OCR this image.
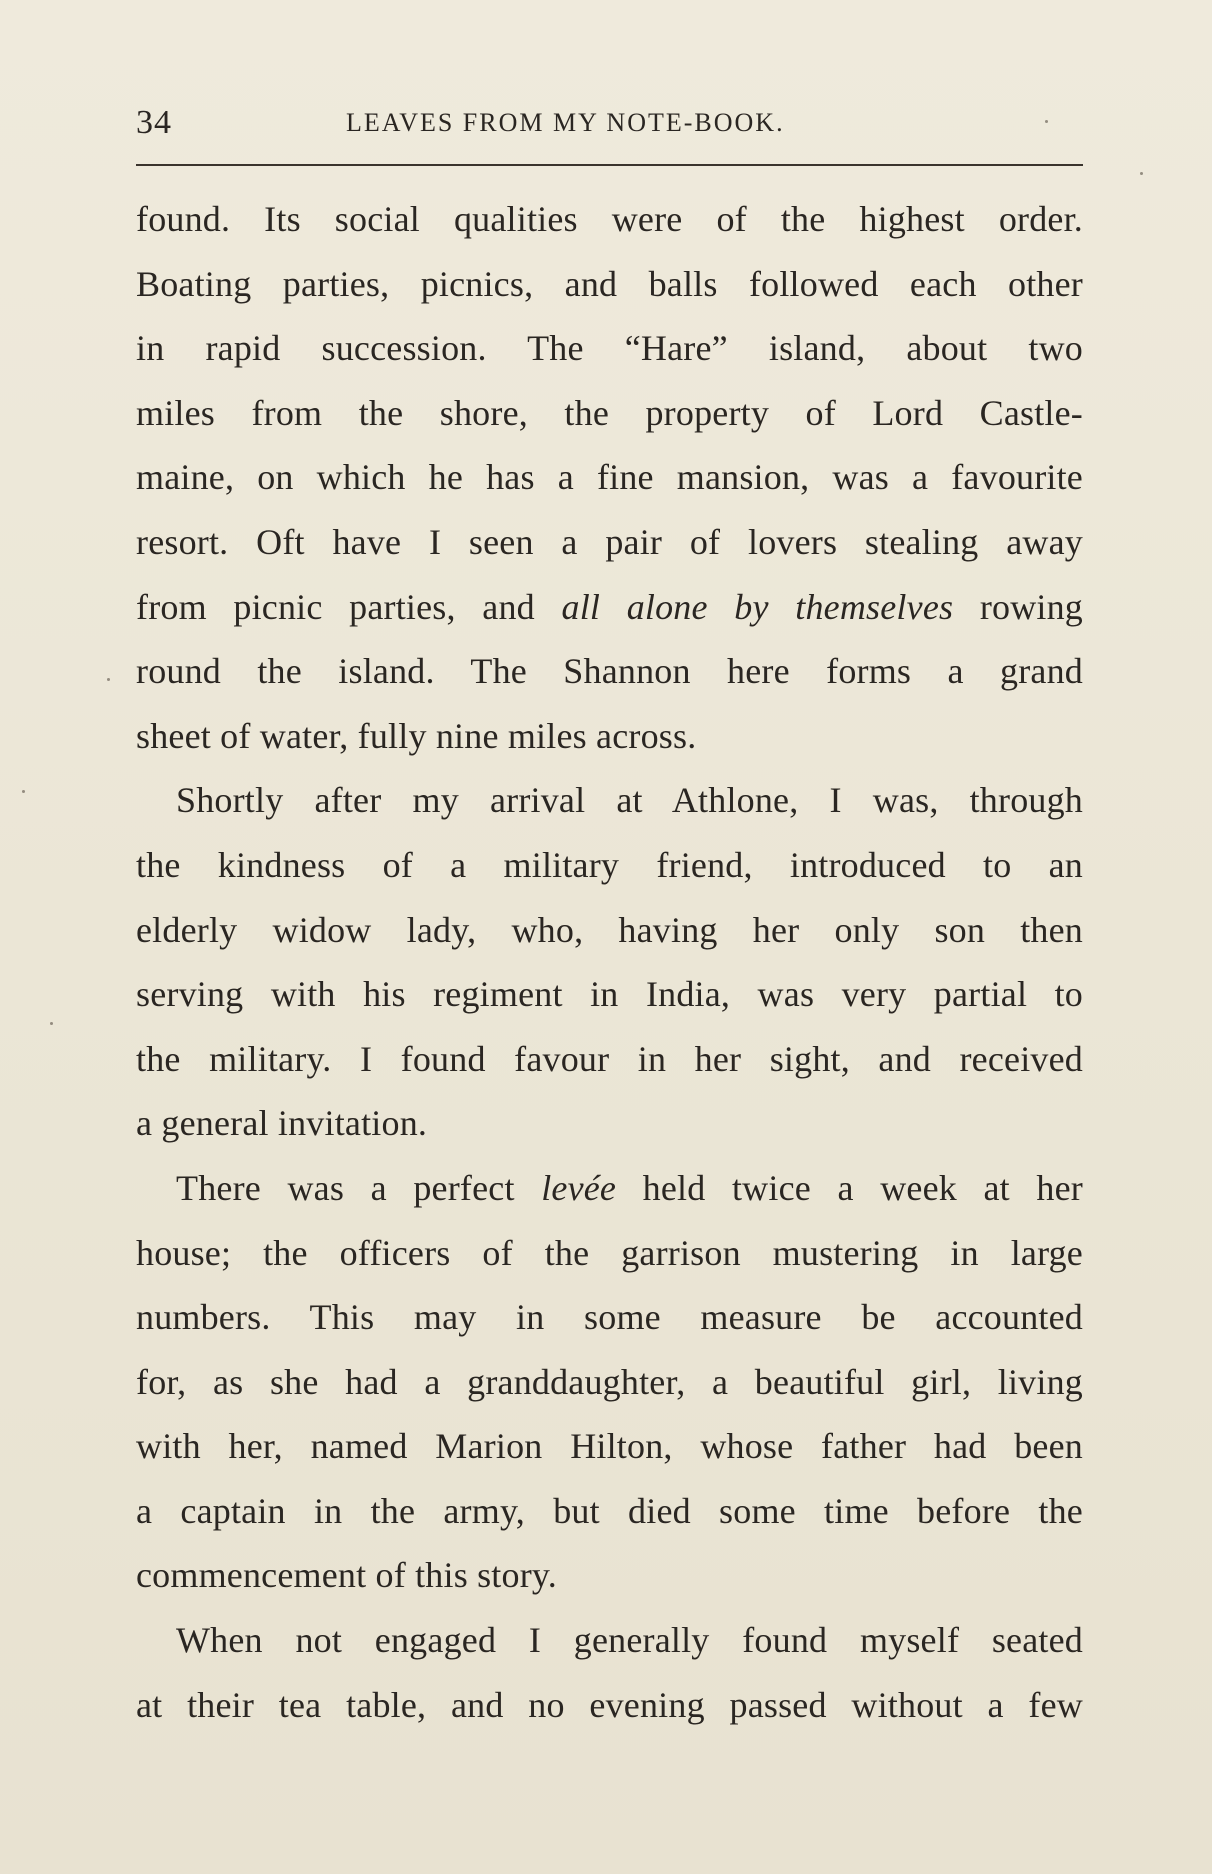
34	LEAVES FROM MY NOTE-BOOK.
found. Its social qualities were of the highest order.
Boating parties, picnics, and balls followed each other
in rapid succession. The “Hare” island, about two
miles from the shore, the property of Lord Castle-
maine, on which he has a fine mansion, was a favourite
resort. Oft have I seen a pair of lovers stealing away
from picnic parties, and all alone by themselves rowing
round the island. The Shannon here forms a grand
sheet of water, fully nine miles across.
Shortly after my arrival at Athlone, I was, through
the kindness of a military friend, introduced to an
elderly widow lady, who, having her only son then
serving with his regiment in India, was very partial to
the military. I found favour in her sight, and received
a general invitation.
There was a perfect levée held twice a week at her
house; the officers of the garrison mustering in large
numbers. This may in some measure be accounted
for, as she had a granddaughter, a beautiful girl, living
with her, named Marion Hilton, whose father had been
a captain in the army, but died some time before the
commencement of this story.
When not engaged I generally found myself seated
at their tea table, and no evening passed without a few
